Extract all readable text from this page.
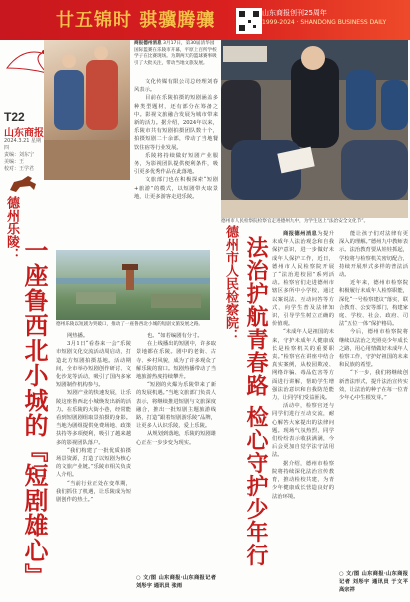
廿五锦时 骐骥腾骧	山东商报创刊25周年
1999-2024 · SHANDONG BUSINESS DAILY
T22
山东商报
2024.3.21 星期四
责编：刘东宁
美编：王
校对：王学君
商报德州消息 3月17日，第30届清华园国际篮赛在乐陵市开幕，平原上百所学校学子在比赛现场。为期两天的篮球赛事吸引了大批关注，带动当地文旅发展。

文化传媒有限公司总经理刘春风表示。

目前在乐陵拍摄的短剧涵盖多种类型题材，还有部分在筹备之中。影视文旅融合发展为城市带来新的活力。据介绍，2024年以来，乐陵市共有短剧拍摄团队数十个，拍摄短剧二十余部，带动了当地餐饮住宿等行业发展。

乐陵将持续做好短剧产业服务，为影视团队提供便利条件，吸引更多优秀作品在此落地。

文旅部门也在积极探索“短剧+旅游”的模式，以短剧带火取景地，让更多游客走进乐陵。

德州市人民检察院检察官走进德州九中，为学生送上“法治安全文化节”。
德州乐陵：
一座鲁西北小城的『短剧雄心』 德州乐陵以短剧为突破口，推动了一座鲁西北小城的短剧文旅发展之路。

网热播。

3月1日“看春来一会”乐陵市短剧文化交流活动周启动，打造北方短剧拍摄基地。活动期间，全市举办短剧创作研讨、文化沙龙等活动，吸引了国内多家短剧制作机构参与。

短剧产业的快速发展，让乐陵这座鲁西北小城焕发出新的活力。在乐陵的大街小巷，经常能看到短剧剧组取景拍摄的身影。当地为剧组提供免费场地、政策扶持等多项便利，吸引了越来越多的影视团队落户。

“我们构建了一批优质拍摄场景资源，打造了以短剧为核心的文旅产业链。”乐陵市相关负责人介绍。

“当前行业正处在变革期，我们抓住了机遇，让乐陵成为短剧创作的热土。”

也。“如若编剧有分寸。

在上线播出的短剧中，许多取景地都在乐陵。剧中的老街、古寺、乡村风貌，成为了许多观众了解乐陵的窗口。短剧热播带动了当地旅游热度持续攀升。

“短剧的火爆为乐陵带来了新的发展机遇。”当地文旅部门负责人表示，将继续推进短剧与文旅深度融合，推出一批短剧主题旅游线路，打造“跟着短剧游乐陵”品牌，让更多人认识乐陵、爱上乐陵。

从规划到落地，乐陵的短剧雄心正在一步步变为现实。

○ 文/图 山东商报·山东商报记者 刘彤宇 通讯员 张雨
德州市人民检察院： 法治护航青春路 检心守护少年行

商报德州消息为提升未成年人法治观念和自我保护意识，进一步做好未成年人保护工作，近日，德州市人民检察院开展了“法治进校园”系列活动。检察官们走进德州市辖区多所中小学校，通过以案说法、互动问答等方式，向学生普及法律知识，引导学生树立正确的价值观。

“未成年人是祖国的未来，守护未成年人健康成长是检察机关的重要职责。”检察官在讲座中结合真实案例，从校园欺凌、网络诈骗、毒品危害等方面进行讲解，帮助学生增强法治意识和自我防范能力，让同学们受益匪浅。

活动中，检察官还与同学们进行互动交流，耐心解答大家提出的法律问题。现场气氛热烈，同学们纷纷表示收获满满，今后会更加自觉学法守法用法。

据介绍，德州市检察院将持续深化法治宣传教育，推动检校共建，为青少年健康成长营造良好的法治环境。

能让孩子们对法律有更深入的理解。”德州九中教师表示。法治教育要从娃娃抓起，学校将与检察机关密切配合，持续开展形式多样的普法活动。

近年来，德州市检察院积极履行未成年人检察职能，深化“一号检察建议”落实，联合教育、公安等部门，构建家庭、学校、社会、政府、司法“五位一体”保护格局。

今后，德州市检察院将继续以法治之光照亮少年成长之路，用心用情做好未成年人检察工作，守护好祖国的未来和民族的希望。

“下一步，我们将继续创新普法形式，提升法治宣传实效，让法治的种子在每一位青少年心中生根发芽。”

○ 文/图 山东商报·山东商报记者 刘彤宇 通讯员 于文平 高宗祥
